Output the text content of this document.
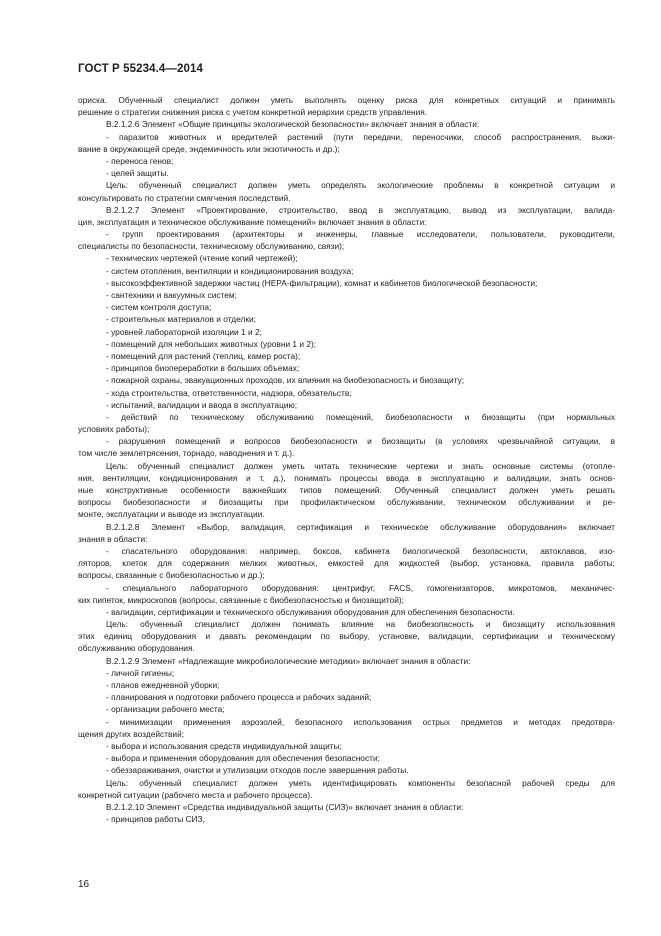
ГОСТ Р 55234.4—2014
ориска. Обученный специалист должен уметь выполнять оценку риска для конкретных ситуаций и принимать
решение о стратегии снижения риска с учетом конкретной иерархии средств управления.
В.2.1.2.6 Элемент «Общие принципы экологической безопасности» включает знания в области:
- паразитов животных и вредителей растений (пути передачи, переносчики, способ распространения, выжи-
вание в окружающей среде, эндемичность или экзотичность и др.);
- переноса генов;
- целей защиты.
Цель: обученный специалист должен уметь определять экологические проблемы в конкретной ситуации и
консультировать по стратегии смягчения последствий.
В.2.1.2.7 Элемент «Проектирование, строительство, ввод в эксплуатацию, вывод из эксплуатации, валида-
ция, эксплуатация и техническое обслуживание помещений» включает знания в области:
- групп проектирования (архитекторы и инженеры, главные исследователи, пользователи, руководители,
специалисты по безопасности, техническому обслуживанию, связи);
- технических чертежей (чтение копий чертежей);
- систем отопления, вентиляции и кондиционирования воздуха;
- высокоэффективной задержки частиц (HEPA-фильтрации), комнат и кабинетов биологической безопасности;
- сантехники и вакуумных систем;
- систем контроля доступа;
- строительных материалов и отделки;
- уровней лабораторной изоляции 1 и 2;
- помещений для небольших животных (уровни 1 и 2);
- помещений для растений (теплиц, камер роста);
- принципов биопереработки в больших объемах;
- пожарной охраны, эвакуационных проходов, их влияния на биобезопасность и биозащиту;
- хода строительства, ответственности, надзора, обязательств;
- испытаний, валидации и ввода в эксплуатацию;
- действий по техническому обслуживанию помещений, биобезопасности и биозащиты (при нормальных
условиях работы);
- разрушения помещений и вопросов биобезопасности и биозащиты (в условиях чрезвычайной ситуации, в
том числе землетрясения, торнадо, наводнения и т. д.).
Цель: обученный специалист должен уметь читать технические чертежи и знать основные системы (отопле-
ния, вентиляции, кондиционирования и т. д.), понимать процессы ввода в эксплуатацию и валидации, знать основ-
ные конструктивные особенности важнейших типов помещений. Обученный специалист должен уметь решать
вопросы биобезопасности и биозащиты при профилактическом обслуживании, техническом обслуживании и ре-
монте, эксплуатации и выводе из эксплуатации.
В.2.1.2.8 Элемент «Выбор, валидация, сертификация и техническое обслуживание оборудования» включает
знания в области:
- спасательного оборудования: например, боксов, кабинета биологической безопасности, автоклавов, изо-
ляторов, клеток для содержания мелких животных, емкостей для жидкостей (выбор, установка, правила работы;
вопросы, связанные с биобезопасностью и др.);
- специального лабораторного оборудования: центрифуг, FACS, гомогенизаторов, микротомов, механичес-
ких пипеток, микроскопов (вопросы, связанные с биобезопасностью и биозащитой);
- валидации, сертификации и технического обслуживания оборудования для обеспечения безопасности.
Цель: обученный специалист должен понимать влияние на биобезопасность и биозащиту использования
этих единиц оборудования и давать рекомендации по выбору, установке, валидации, сертификации и техническому
обслуживанию оборудования.
В.2.1.2.9 Элемент «Надлежащие микробиологические методики» включает знания в области:
- личной гигиены;
- планов ежедневной уборки;
- планирования и подготовки рабочего процесса и рабочих заданий;
- организации рабочего места;
- минимизации применения аэрозолей, безопасного использования острых предметов и методах предотвра-
щения других воздействий;
- выбора и использования средств индивидуальной защиты;
- выбора и применения оборудования для обеспечения безопасности;
- обеззараживания, очистки и утилизации отходов после завершения работы.
Цель: обученный специалист должен уметь идентифицировать компоненты безопасной рабочей среды для
конкретной ситуации (рабочего места и рабочего процесса).
В.2.1.2.10 Элемент «Средства индивидуальной защиты (СИЗ)» включает знания в области:
- принципов работы СИЗ,
16
